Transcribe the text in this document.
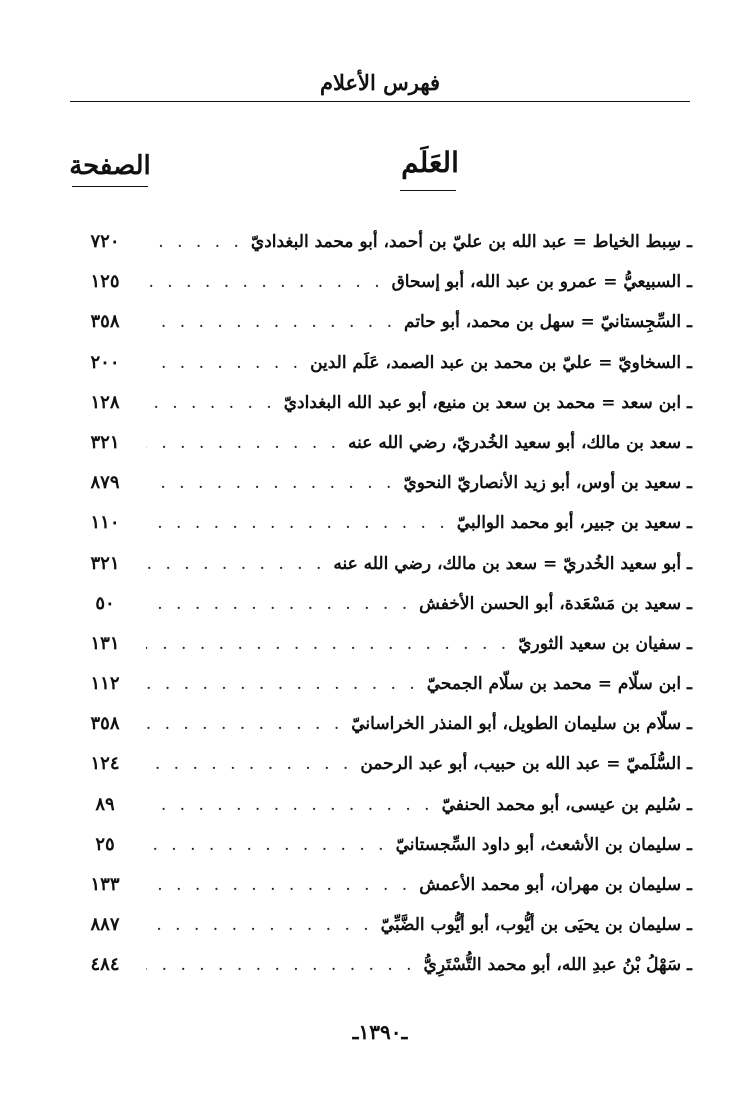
فهرس الأعلام
العَلَم
الصفحة
ـ سِبط الخياط = عبد الله بن عليّ بن أحمد، أبو محمد البغداديّ
. . .
٧٢٠
ـ السبيعيُّ = عمرو بن عبد الله، أبو إسحاق
. . .
١٢٥
ـ السِّجِستانيّ = سهل بن محمد، أبو حاتم
. . .
٣٥٨
ـ السخاويّ = عليّ بن محمد بن عبد الصمد، عَلَم الدين
. . .
٢٠٠
ـ ابن سعد = محمد بن سعد بن منيع، أبو عبد الله البغداديّ
. . .
١٢٨
ـ سعد بن مالك، أبو سعيد الخُدريّ، رضي الله عنه
. . .
٣٢١
ـ سعيد بن أوس، أبو زيد الأنصاريّ النحويّ
. . .
٨٧٩
ـ سعيد بن جبير، أبو محمد الوالبيّ
. . .
١١٠
ـ أبو سعيد الخُدريّ = سعد بن مالك، رضي الله عنه
. . .
٣٢١
ـ سعيد بن مَسْعَدة، أبو الحسن الأخفش
. . .
٥٠
ـ سفيان بن سعيد الثوريّ
. . .
١٣١
ـ ابن سلّام = محمد بن سلّام الجمحيّ
. . .
١١٢
ـ سلّام بن سليمان الطويل، أبو المنذر الخراسانيّ
. . .
٣٥٨
ـ السُّلَميّ = عبد الله بن حبيب، أبو عبد الرحمن
. . .
١٢٤
ـ سُليم بن عيسى، أبو محمد الحنفيّ
. . .
٨٩
ـ سليمان بن الأشعث، أبو داود السِّجستانيّ
. . .
٢٥
ـ سليمان بن مهران، أبو محمد الأعمش
. . .
١٣٣
ـ سليمان بن يحيَى بن أيُّوب، أبو أيُّوب الضَّبِّيّ
. . .
٨٨٧
ـ سَهْلُ بْنُ عبدِ الله، أبو محمد التُّسْتَرِيُّ
. . .
٤٨٤
ـ١٣٩٠ـ
